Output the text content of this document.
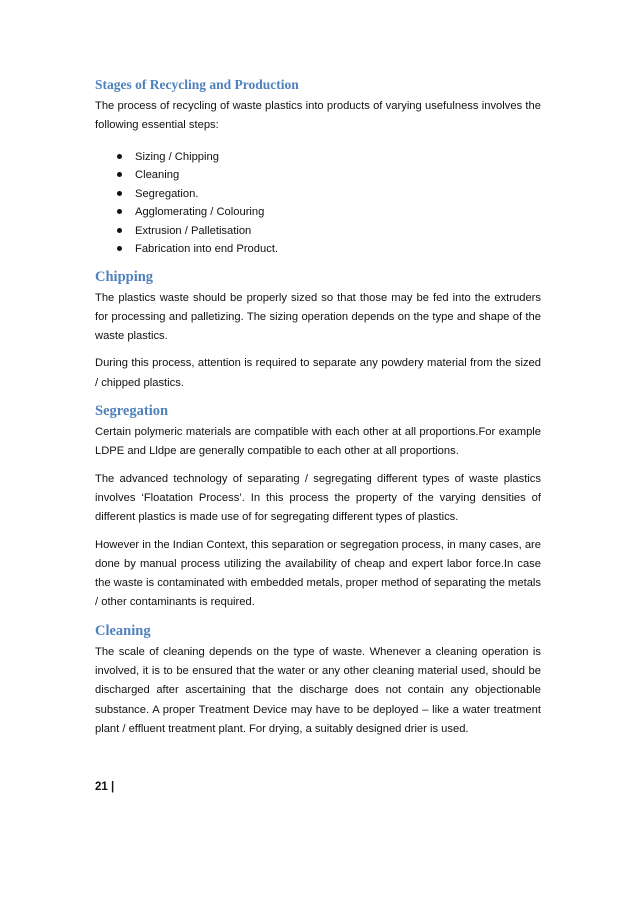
Stages of Recycling and Production
The process of recycling of waste plastics into products of varying usefulness involves the following essential steps:
Sizing / Chipping
Cleaning
Segregation.
Agglomerating / Colouring
Extrusion / Palletisation
Fabrication into end Product.
Chipping
The plastics waste should be properly sized so that those may be fed into the extruders for processing and palletizing. The sizing operation depends on the type and shape of the waste plastics.
During this process, attention is required to separate any powdery material from the sized / chipped plastics.
Segregation
Certain polymeric materials are compatible with each other at all proportions.For example LDPE and Lldpe are generally compatible to each other at all proportions.
The advanced technology of separating / segregating different types of waste plastics involves ‘Floatation Process’. In this process the property of the varying densities of different plastics is made use of for segregating different types of plastics.
However in the Indian Context, this separation or segregation process, in many cases, are done by manual process utilizing the availability of cheap and expert labor force.In case the waste is contaminated with embedded metals, proper method of separating the metals / other contaminants is required.
Cleaning
The scale of cleaning depends on the type of waste. Whenever a cleaning operation is involved, it is to be ensured that the water or any other cleaning material used, should be discharged after ascertaining that the discharge does not contain any objectionable substance. A proper Treatment Device may have to be deployed – like a water treatment plant / effluent treatment plant. For drying, a suitably designed drier is used.
21 |
